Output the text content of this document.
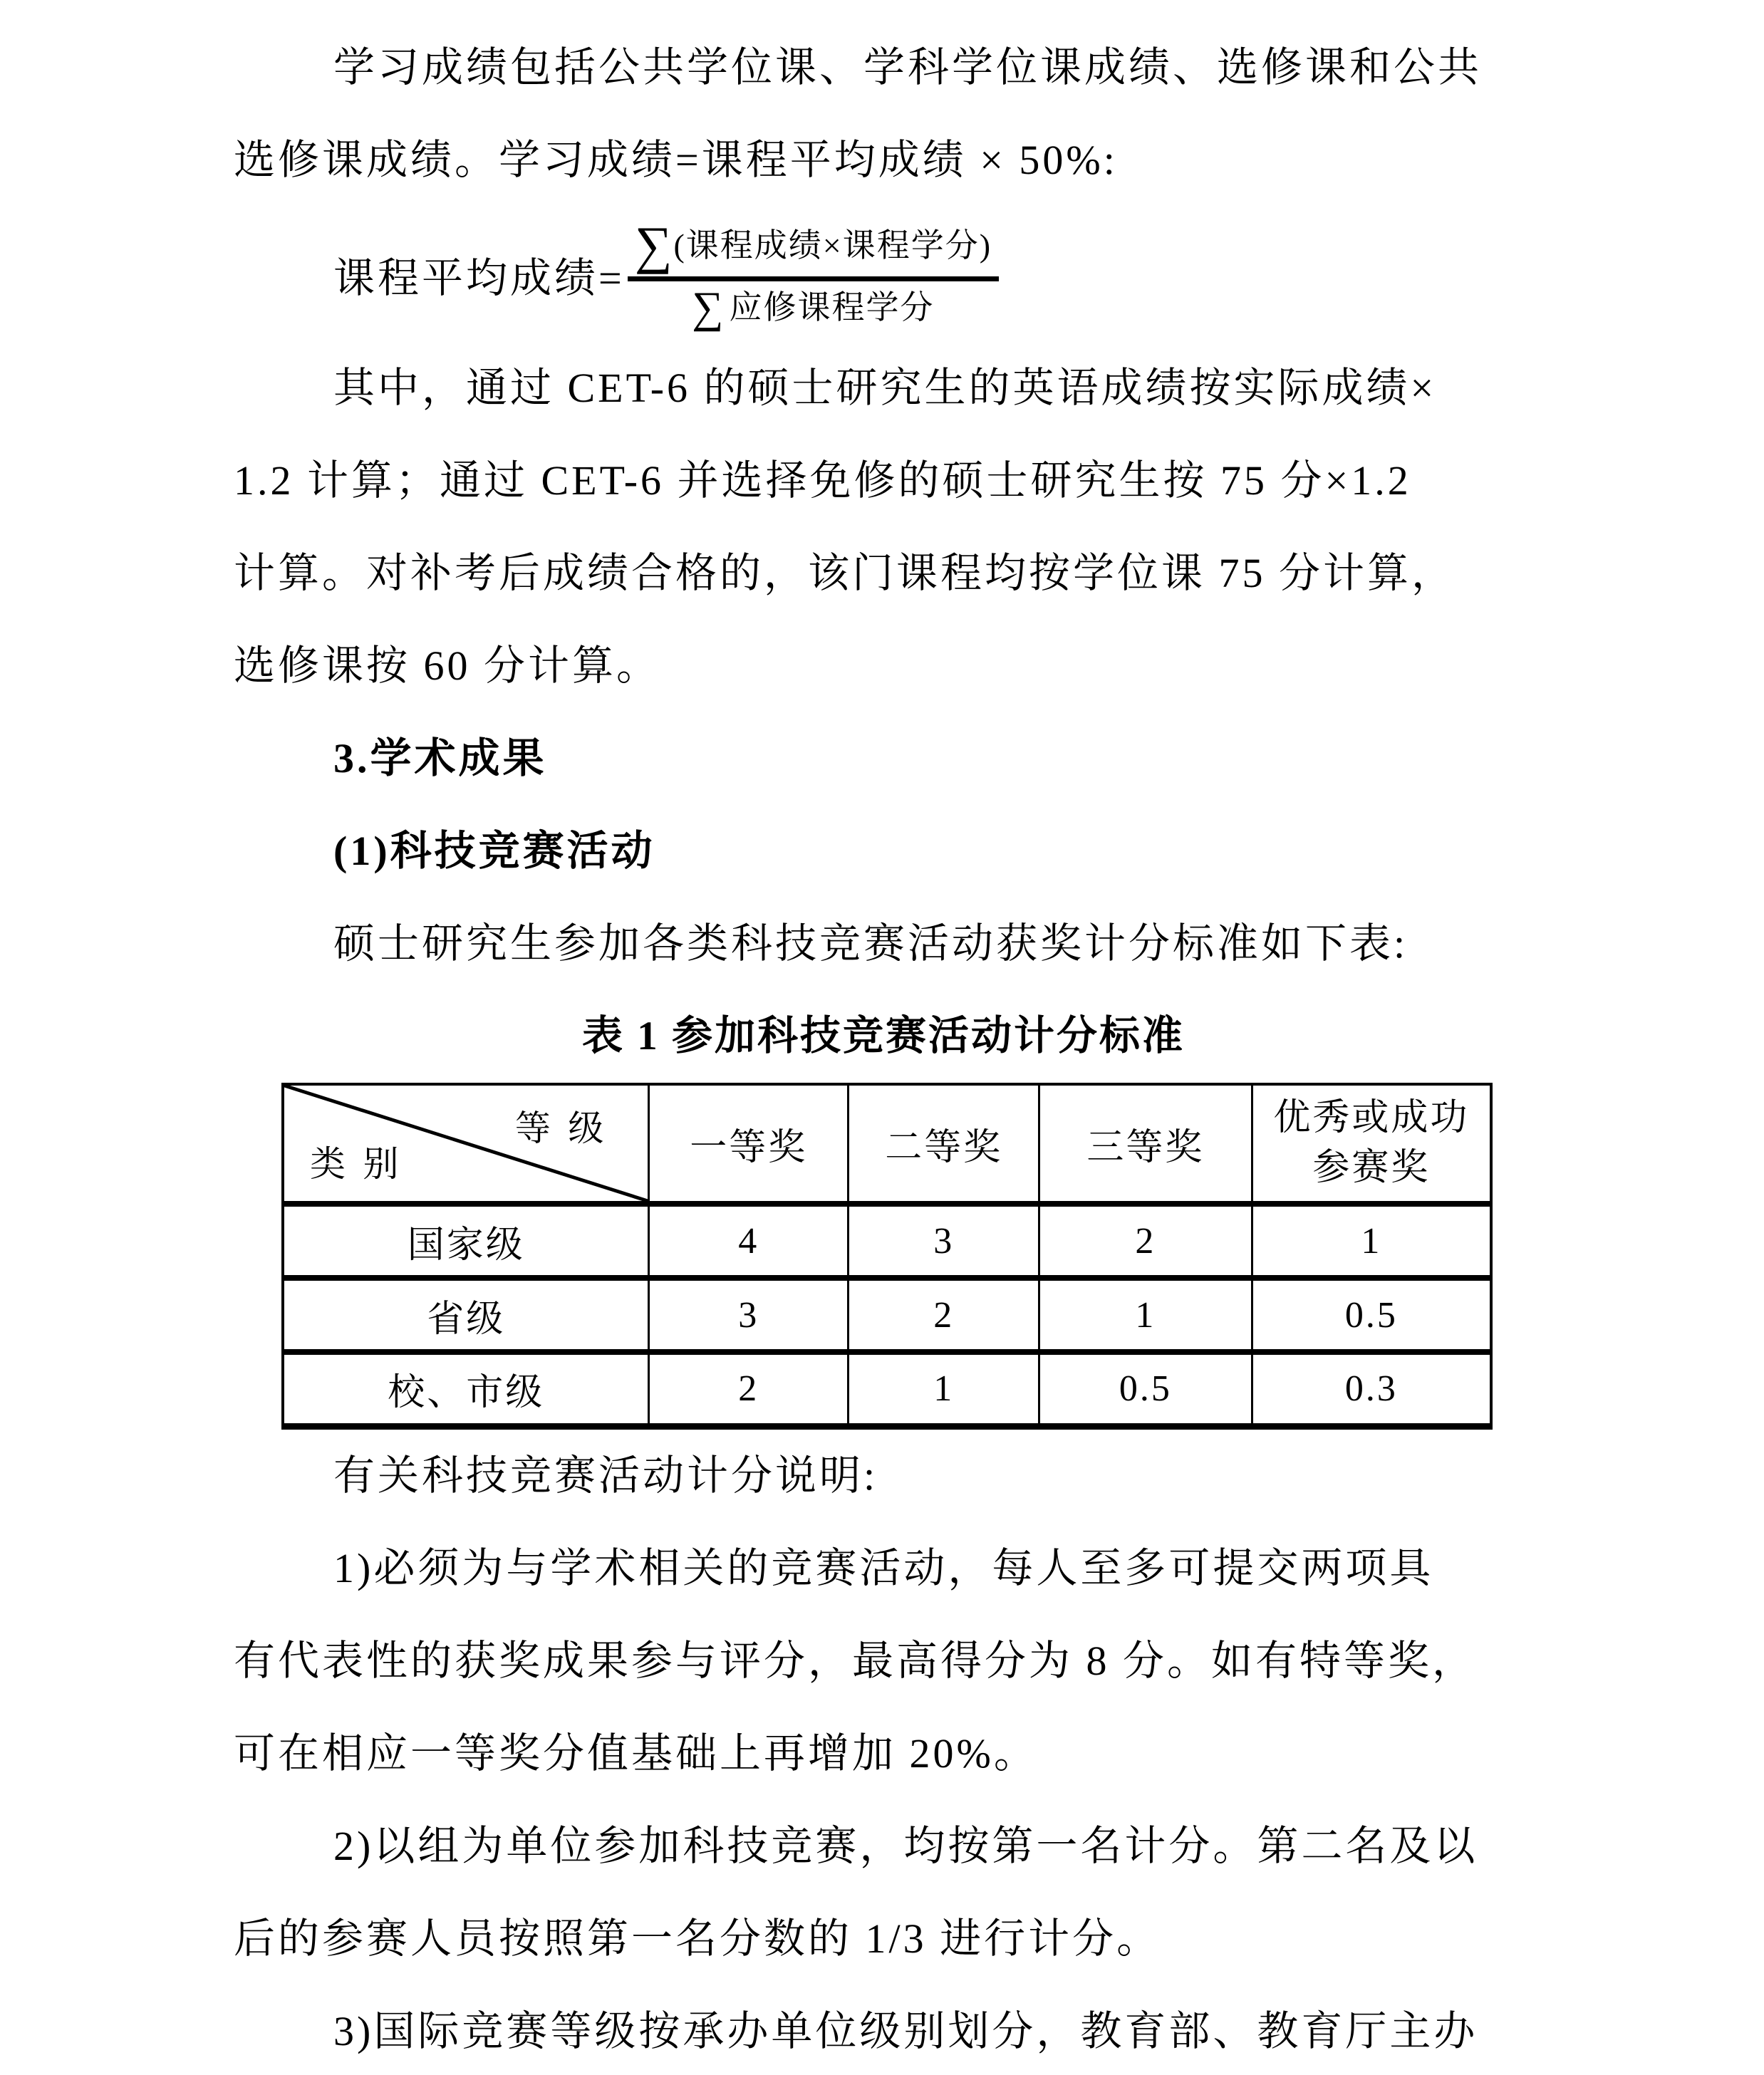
学习成绩包括公共学位课、学科学位课成绩、选修课和公共
选修课成绩。学习成绩=课程平均成绩 × 50%:
课程平均成绩= $\frac{\text{∑ (课程成绩×课程学分)}}{\text{∑ 应修课程学分}}$
其中，通过 CET-6 的硕士研究生的英语成绩按实际成绩×
1.2 计算；通过 CET-6 并选择免修的硕士研究生按 75 分×1.2
计算。对补考后成绩合格的，该门课程均按学位课 75 分计算，
选修课按 60 分计算。
3.学术成果
(1)科技竞赛活动
硕士研究生参加各类科技竞赛活动获奖计分标准如下表:
表 1 参加科技竞赛活动计分标准
等 级
类 别	一等奖	二等奖	三等奖	优秀或成功参赛奖
国家级	4	3	2	1
省级	3	2	1	0.5
校、市级	2	1	0.5	0.3
有关科技竞赛活动计分说明:
1)必须为与学术相关的竞赛活动，每人至多可提交两项具
有代表性的获奖成果参与评分，最高得分为 8 分。如有特等奖，
可在相应一等奖分值基础上再增加 20%。
2)以组为单位参加科技竞赛，均按第一名计分。第二名及以
后的参赛人员按照第一名分数的 1/3 进行计分。
3)国际竞赛等级按承办单位级别划分，教育部、教育厅主办
